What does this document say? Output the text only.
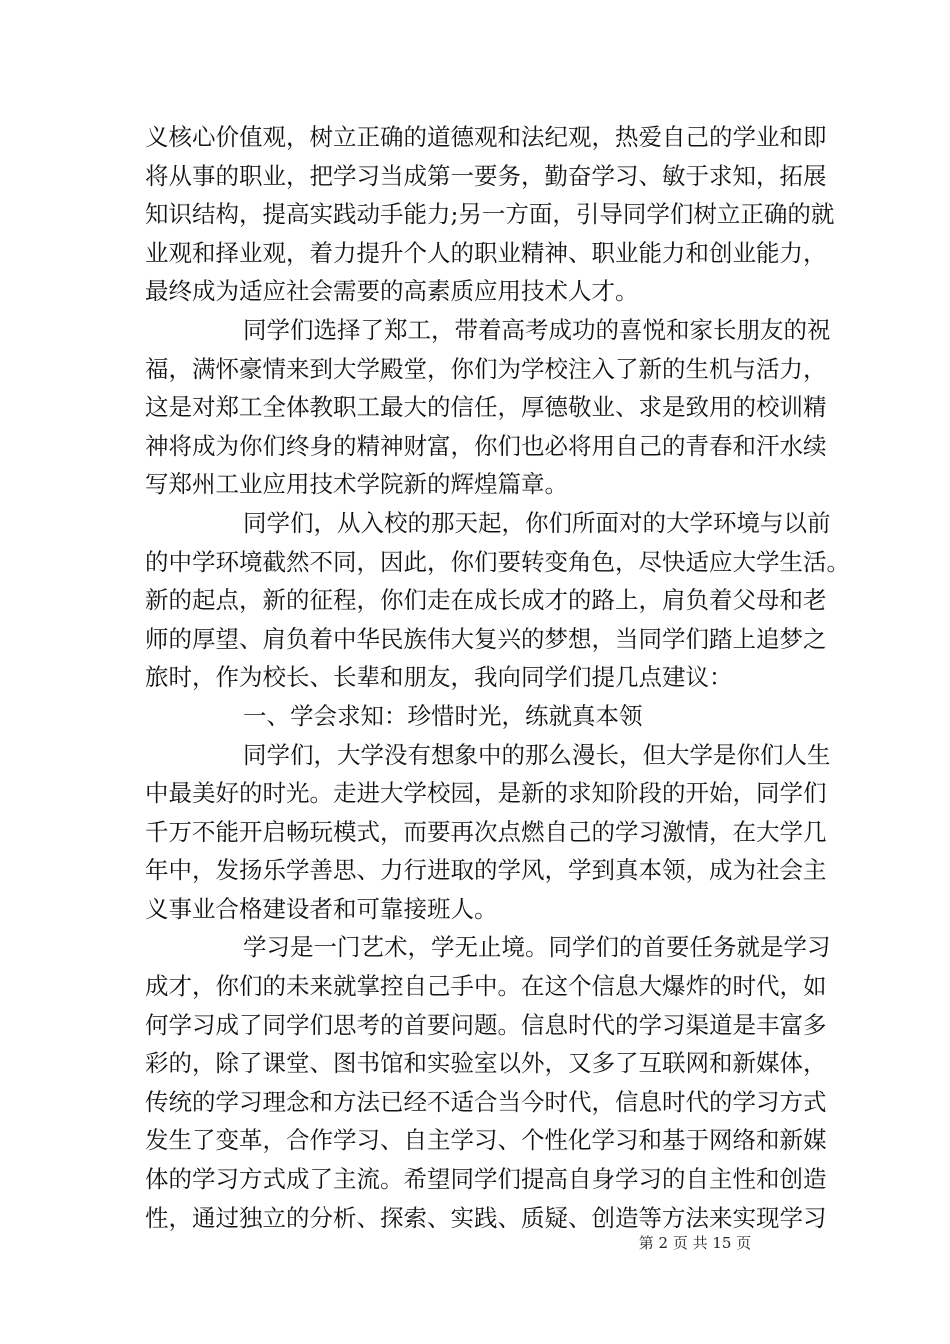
义核心价值观，树立正确的道德观和法纪观，热爱自己的学业和即
将从事的职业，把学习当成第一要务，勤奋学习、敏于求知，拓展
知识结构，提高实践动手能力;另一方面，引导同学们树立正确的就
业观和择业观，着力提升个人的职业精神、职业能力和创业能力，
最终成为适应社会需要的高素质应用技术人才。
同学们选择了郑工，带着高考成功的喜悦和家长朋友的祝
福，满怀豪情来到大学殿堂，你们为学校注入了新的生机与活力，
这是对郑工全体教职工最大的信任，厚德敬业、求是致用的校训精
神将成为你们终身的精神财富，你们也必将用自己的青春和汗水续
写郑州工业应用技术学院新的辉煌篇章。
同学们，从入校的那天起，你们所面对的大学环境与以前
的中学环境截然不同，因此，你们要转变角色，尽快适应大学生活。
新的起点，新的征程，你们走在成长成才的路上，肩负着父母和老
师的厚望、肩负着中华民族伟大复兴的梦想，当同学们踏上追梦之
旅时，作为校长、长辈和朋友，我向同学们提几点建议：
一、学会求知：珍惜时光，练就真本领
同学们，大学没有想象中的那么漫长，但大学是你们人生
中最美好的时光。走进大学校园，是新的求知阶段的开始，同学们
千万不能开启畅玩模式，而要再次点燃自己的学习激情，在大学几
年中，发扬乐学善思、力行进取的学风，学到真本领，成为社会主
义事业合格建设者和可靠接班人。
学习是一门艺术，学无止境。同学们的首要任务就是学习
成才，你们的未来就掌控自己手中。在这个信息大爆炸的时代，如
何学习成了同学们思考的首要问题。信息时代的学习渠道是丰富多
彩的，除了课堂、图书馆和实验室以外，又多了互联网和新媒体，
传统的学习理念和方法已经不适合当今时代，信息时代的学习方式
发生了变革，合作学习、自主学习、个性化学习和基于网络和新媒
体的学习方式成了主流。希望同学们提高自身学习的自主性和创造
性，通过独立的分析、探索、实践、质疑、创造等方法来实现学习
第 2 页 共 15 页
